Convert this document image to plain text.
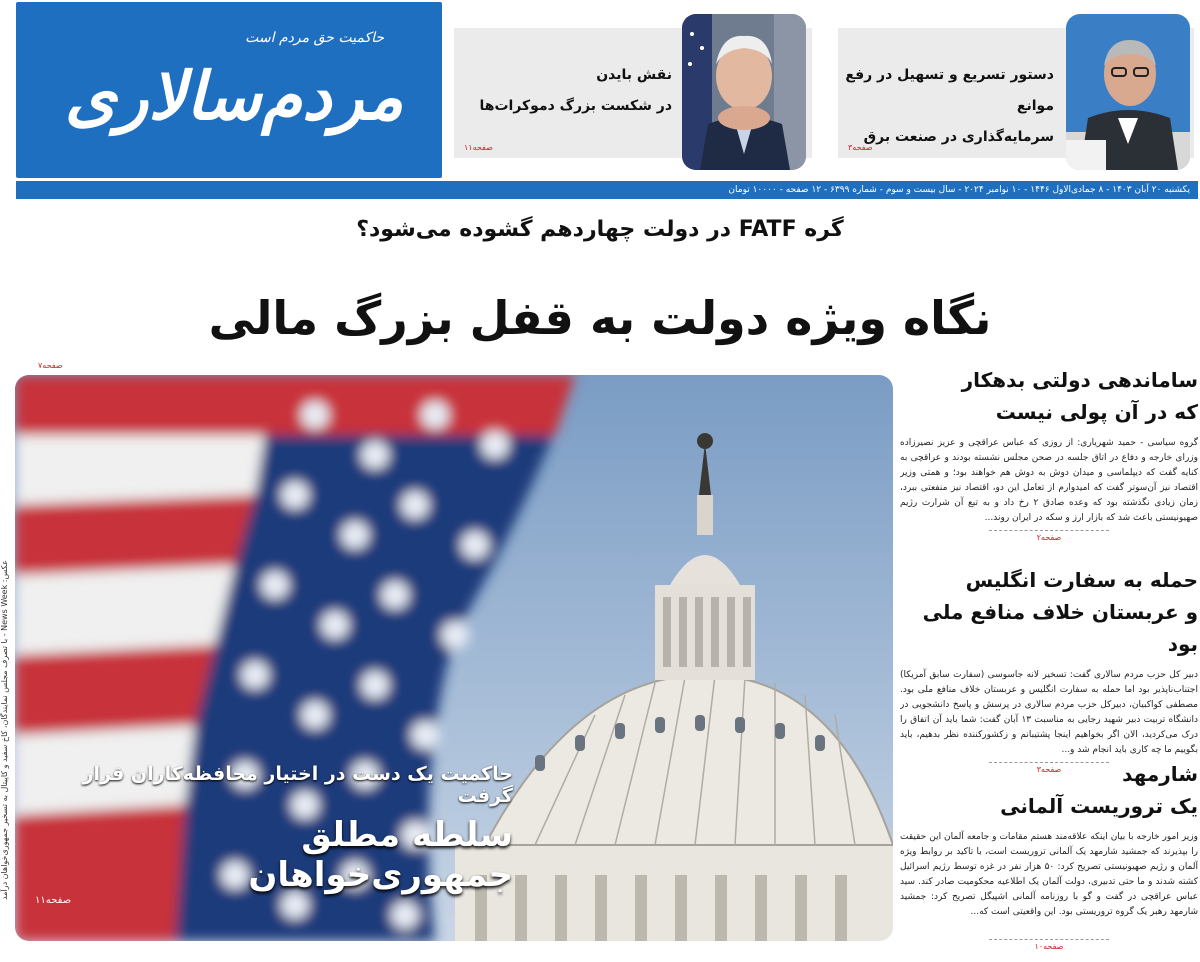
حاکمیت حق مردم است
مردم‌سالاری	نقش بایدن
در شکست بزرگ دموکرات‌ها
صفحه۱۱
دستور تسریع و تسهیل در رفع موانع
سرمایه‌گذاری در صنعت برق
صفحه۳
یکشنبه ۲۰ آبان ۱۴۰۳ - ۸ جمادی‌الاول ۱۴۴۶ - ۱۰ نوامبر ۲۰۲۴ - سال بیست و سوم - شماره ۶۳۹۹ - ۱۲ صفحه - ۱۰۰۰۰ تومان
گره FATF در دولت چهاردهم گشوده می‌شود؟
نگاه ویژه دولت به قفل بزرگ مالی
صفحه۷
حاکمیت یک دست در اختیار محافظه‌کاران قرار گرفت
سلطه مطلق جمهوری‌خواهان
صفحه۱۱
عکس: News Week - با تصرف مجلس نمایندگان، کاخ سفید و کاپیتال به تسخیر جمهوری‌خواهان درآمد
ساماندهی دولتی بدهکار
که در آن پولی نیست
گروه سیاسی - حمید شهریاری: از روزی که عباس عراقچی و عزیز نصیرزاده وزرای خارجه و دفاع در اتاق جلسه در صحن مجلس نشسته بودند و عراقچی به کنایه گفت که دیپلماسی و میدان دوش به دوش هم خواهند بود؛ و همتی وزیر اقتصاد نیز آن‌سوتر گفت که امیدوارم از تعامل این دو، اقتصاد نیز منفعتی ببرد، زمان زیادی نگذشته بود که وعده صادق ۲ رخ داد و به تبع آن شرارت رژیم صهیونیستی باعث شد که بازار ارز و سکه در ایران روند...
صفحه۲
حمله به سفارت انگلیس
و عربستان خلاف منافع ملی بود
دبیر کل حزب مردم سالاری گفت: تسخیر لانه جاسوسی (سفارت سابق آمریکا) اجتناب‌ناپذیر بود اما حمله به سفارت انگلیس و عربستان خلاف منافع ملی بود. مصطفی کواکبیان، دبیرکل حزب مردم سالاری در پرسش و پاسخ دانشجویی در دانشگاه تربیت دبیر شهید رجایی به مناسبت ۱۳ آبان گفت: شما باید آن اتفاق را درک می‌کردید، الان اگر بخواهیم اینجا پشتیبانم و زکشورکننده نظر بدهیم، باید بگوییم ما چه کاری باید انجام شد و...
صفحه۳	شارمهد
یک تروریست آلمانی
وزیر امور خارجه با بیان اینکه علاقه‌مند هستم مقامات و جامعه آلمان این حقیقت را بپذیرند که جمشید شارمهد یک آلمانی تروریست است، با تاکید بر روابط ویژه آلمان و رژیم صهیونیستی تصریح کرد: ۵۰ هزار نفر در غزه توسط رژیم اسرائیل کشته شدند و ما حتی تدبیری، دولت آلمان یک اطلاعیه محکومیت صادر کند. سید عباس عراقچی در گفت و گو با روزنامه آلمانی اشپیگل تصریح کرد: جمشید شارمهد رهبر یک گروه تروریستی بود. این واقعیتی است که...
صفحه۱۰
